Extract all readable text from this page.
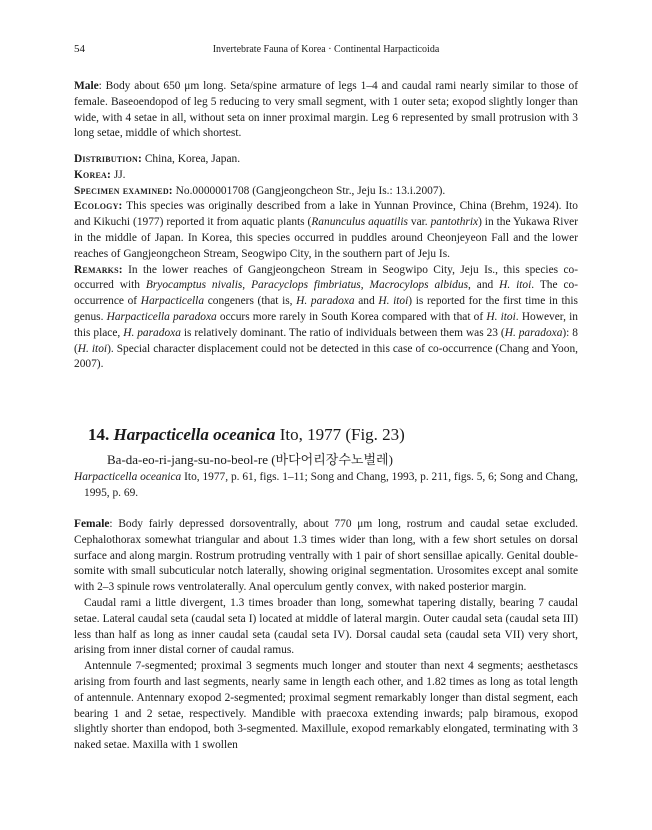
54	Invertebrate Fauna of Korea · Continental Harpacticoida

Male: Body about 650 μm long. Seta/spine armature of legs 1–4 and caudal rami nearly similar to those of female. Baseoendopod of leg 5 reducing to very small segment, with 1 outer seta; exopod slightly longer than wide, with 4 setae in all, without seta on inner proximal margin. Leg 6 represented by small protrusion with 3 long setae, middle of which shortest.

Distribution: China, Korea, Japan.

Korea: JJ.

Specimen examined: No.0000001708 (Gangjeongcheon Str., Jeju Is.: 13.i.2007).

Ecology: This species was originally described from a lake in Yunnan Province, China (Brehm, 1924). Ito and Kikuchi (1977) reported it from aquatic plants (Ranunculus aquatilis var. pantothrix) in the Yukawa River in the middle of Japan. In Korea, this species occurred in puddles around Cheonjeyeon Fall and the lower reaches of Gangjeongcheon Stream, Seogwipo City, in the southern part of Jeju Is.

Remarks: In the lower reaches of Gangjeongcheon Stream in Seogwipo City, Jeju Is., this species co-occurred with Bryocamptus nivalis, Paracyclops fimbriatus, Macrocylops albidus, and H. itoi. The co-occurrence of Harpacticella congeners (that is, H. paradoxa and H. itoi) is reported for the first time in this genus. Harpacticella paradoxa occurs more rarely in South Korea compared with that of H. itoi. However, in this place, H. paradoxa is relatively dominant. The ratio of individuals between them was 23 (H. paradoxa): 8 (H. itoi). Special character displacement could not be detected in this case of co-occurrence (Chang and Yoon, 2007).

14. Harpacticella oceanica Ito, 1977 (Fig. 23)
Ba-da-eo-ri-jang-su-no-beol-re (바다어리장수노벌레)

Harpacticella oceanica Ito, 1977, p. 61, figs. 1–11; Song and Chang, 1993, p. 211, figs. 5, 6; Song and Chang, 1995, p. 69.

Female: Body fairly depressed dorsoventrally, about 770 μm long, rostrum and caudal setae excluded. Cephalothorax somewhat triangular and about 1.3 times wider than long, with a few short setules on dorsal surface and along margin. Rostrum protruding ventrally with 1 pair of short sensillae apically. Genital double-somite with small subcuticular notch laterally, showing original segmentation. Urosomites except anal somite with 2–3 spinule rows ventrolaterally. Anal operculum gently convex, with naked posterior margin.

Caudal rami a little divergent, 1.3 times broader than long, somewhat tapering distally, bearing 7 caudal setae. Lateral caudal seta (caudal seta I) located at middle of lateral margin. Outer caudal seta (caudal seta III) less than half as long as inner caudal seta (caudal seta IV). Dorsal caudal seta (caudal seta VII) very short, arising from inner distal corner of caudal ramus.

Antennule 7-segmented; proximal 3 segments much longer and stouter than next 4 segments; aesthetascs arising from fourth and last segments, nearly same in length each other, and 1.82 times as long as total length of antennule. Antennary exopod 2-segmented; proximal segment remarkably longer than distal segment, each bearing 1 and 2 setae, respectively. Mandible with praecoxa extending inwards; palp biramous, exopod slightly shorter than endopod, both 3-segmented. Maxillule, exopod remarkably elongated, terminating with 3 naked setae. Maxilla with 1 swollen
